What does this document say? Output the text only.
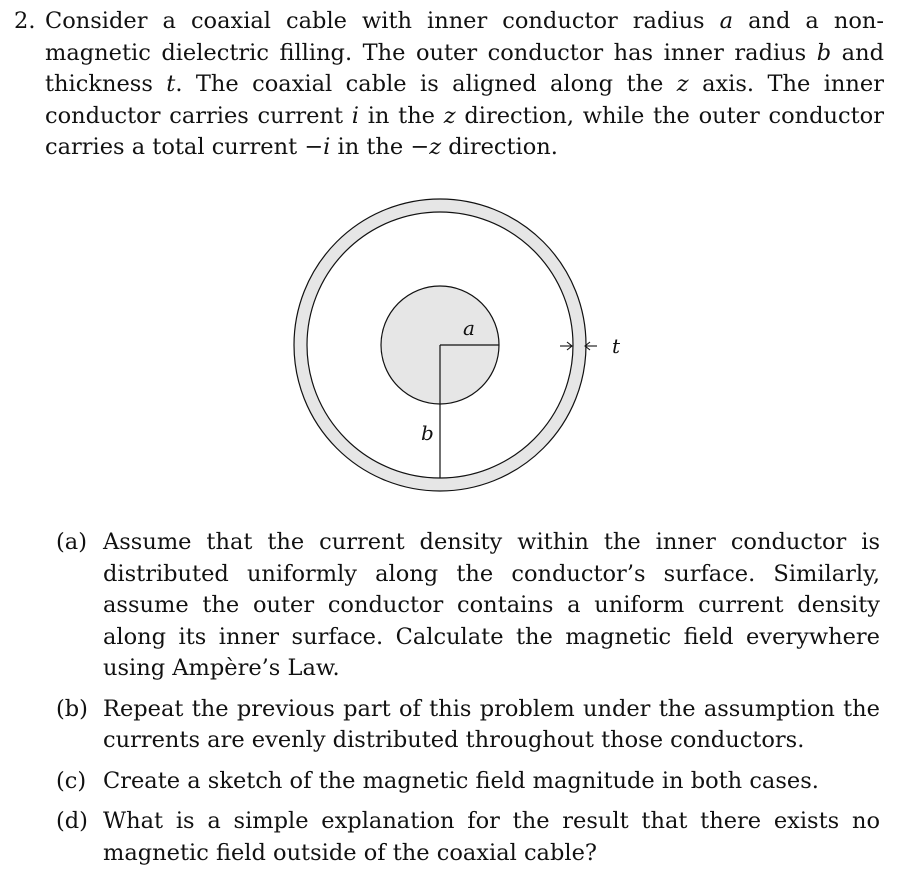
2. Consider a coaxial cable with inner conductor radius a and a non-magnetic dielectric filling. The outer conductor has inner radius b and thickness t. The coaxial cable is aligned along the z axis. The inner conductor carries current i in the z direction, while the outer conductor carries a total current −i in the −z direction.
a
b
t
(a) Assume that the current density within the inner conductor is distributed uniformly along the conductor’s surface. Similarly, assume the outer conductor contains a uniform current density along its inner surface. Calculate the magnetic field everywhere using Ampère’s Law.
(b) Repeat the previous part of this problem under the assumption the currents are evenly distributed throughout those conductors.
(c) Create a sketch of the magnetic field magnitude in both cases.
(d) What is a simple explanation for the result that there exists no magnetic field outside of the coaxial cable?
